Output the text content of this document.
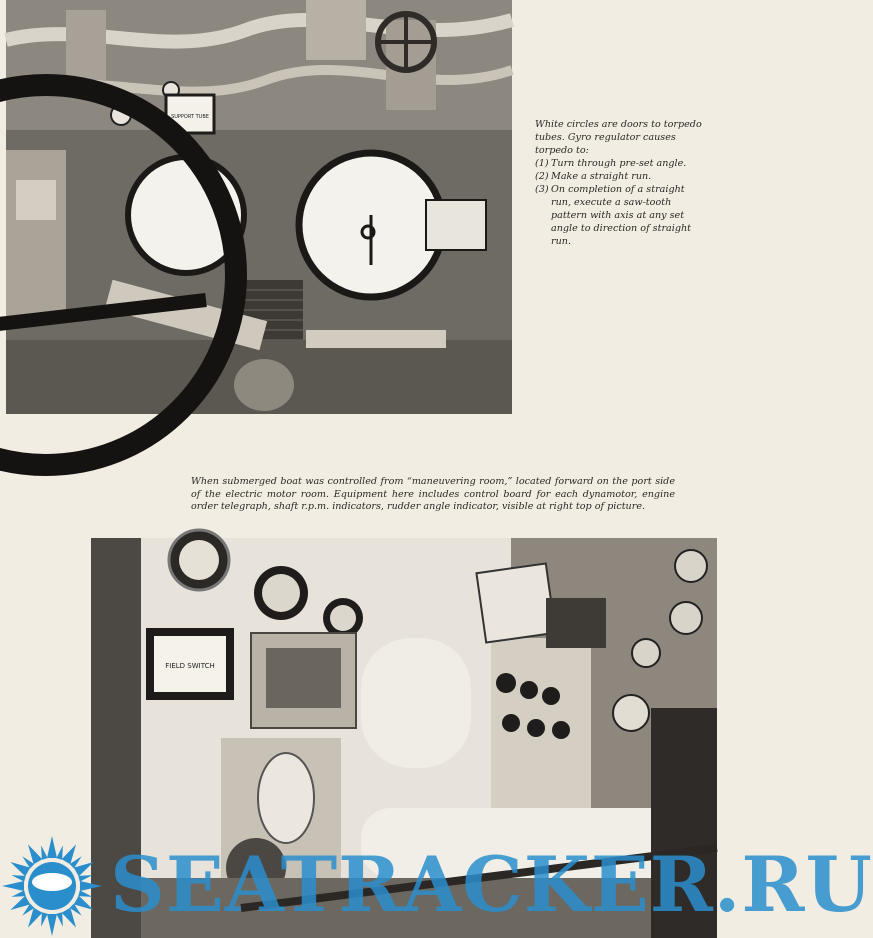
SUPPORT TUBE
White circles are doors to torpedo tubes. Gyro regulator causes torpedo to:
(1) Turn through pre-set angle.
(2) Make a straight run.
(3) On completion of a straight run, execute a saw-tooth pattern with axis at any set angle to direction of straight run.
When submerged boat was controlled from “maneuvering room,” located forward on the port side of the electric motor room. Equipment here includes control board for each dynamotor, engine order telegraph, shaft r.p.m. indicators, rudder angle indicator, visible at right top of picture.
FIELD SWITCH
SEATRACKER.RU
